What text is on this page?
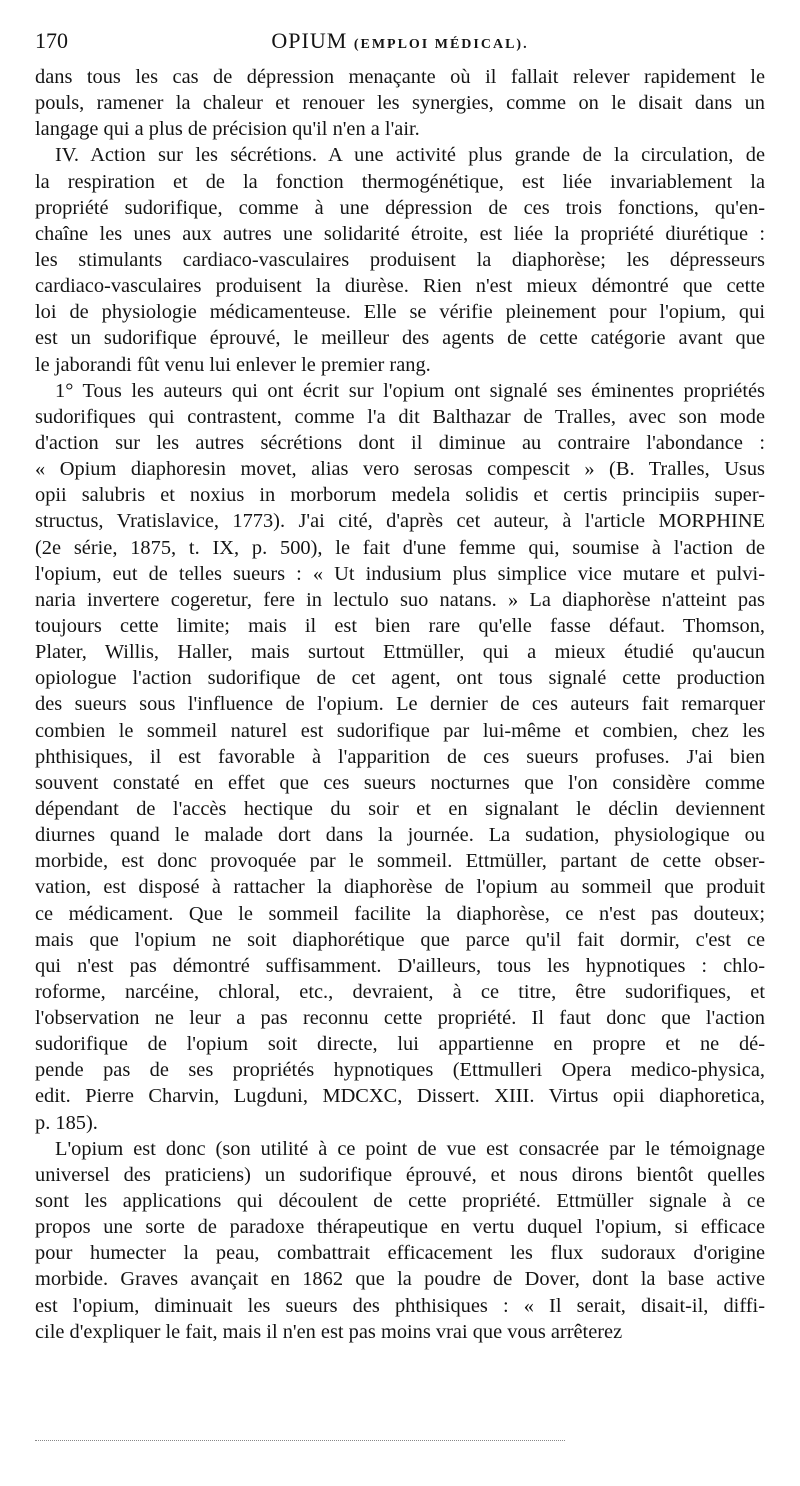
170	OPIUM (EMPLOI MÉDICAL).
dans tous les cas de dépression menaçante où il fallait relever rapidement le
pouls, ramener la chaleur et renouer les synergies, comme on le disait dans un
langage qui a plus de précision qu'il n'en a l'air.
IV. Action sur les sécrétions. A une activité plus grande de la circulation, de
la respiration et de la fonction thermogénétique, est liée invariablement la
propriété sudorifique, comme à une dépression de ces trois fonctions, qu'en-
chaîne les unes aux autres une solidarité étroite, est liée la propriété diurétique :
les stimulants cardiaco-vasculaires produisent la diaphorèse; les dépresseurs
cardiaco-vasculaires produisent la diurèse. Rien n'est mieux démontré que cette
loi de physiologie médicamenteuse. Elle se vérifie pleinement pour l'opium, qui
est un sudorifique éprouvé, le meilleur des agents de cette catégorie avant que
le jaborandi fût venu lui enlever le premier rang.
1° Tous les auteurs qui ont écrit sur l'opium ont signalé ses éminentes propriétés
sudorifiques qui contrastent, comme l'a dit Balthazar de Tralles, avec son mode
d'action sur les autres sécrétions dont il diminue au contraire l'abondance :
« Opium diaphoresin movet, alias vero serosas compescit » (B. Tralles, Usus
opii salubris et noxius in morborum medela solidis et certis principiis super-
structus, Vratislavice, 1773). J'ai cité, d'après cet auteur, à l'article MORPHINE
(2e série, 1875, t. IX, p. 500), le fait d'une femme qui, soumise à l'action de
l'opium, eut de telles sueurs : « Ut indusium plus simplice vice mutare et pulvi-
naria invertere cogeretur, fere in lectulo suo natans. » La diaphorèse n'atteint pas
toujours cette limite; mais il est bien rare qu'elle fasse défaut. Thomson,
Plater, Willis, Haller, mais surtout Ettmüller, qui a mieux étudié qu'aucun
opiologue l'action sudorifique de cet agent, ont tous signalé cette production
des sueurs sous l'influence de l'opium. Le dernier de ces auteurs fait remarquer
combien le sommeil naturel est sudorifique par lui-même et combien, chez les
phthisiques, il est favorable à l'apparition de ces sueurs profuses. J'ai bien
souvent constaté en effet que ces sueurs nocturnes que l'on considère comme
dépendant de l'accès hectique du soir et en signalant le déclin deviennent
diurnes quand le malade dort dans la journée. La sudation, physiologique ou
morbide, est donc provoquée par le sommeil. Ettmüller, partant de cette obser-
vation, est disposé à rattacher la diaphorèse de l'opium au sommeil que produit
ce médicament. Que le sommeil facilite la diaphorèse, ce n'est pas douteux;
mais que l'opium ne soit diaphorétique que parce qu'il fait dormir, c'est ce
qui n'est pas démontré suffisamment. D'ailleurs, tous les hypnotiques : chlo-
roforme, narcéine, chloral, etc., devraient, à ce titre, être sudorifiques, et
l'observation ne leur a pas reconnu cette propriété. Il faut donc que l'action
sudorifique de l'opium soit directe, lui appartienne en propre et ne dé-
pende pas de ses propriétés hypnotiques (Ettmulleri Opera medico-physica,
edit. Pierre Charvin, Lugduni, MDCXC, Dissert. XIII. Virtus opii diaphoretica,
p. 185).
L'opium est donc (son utilité à ce point de vue est consacrée par le témoignage
universel des praticiens) un sudorifique éprouvé, et nous dirons bientôt quelles
sont les applications qui découlent de cette propriété. Ettmüller signale à ce
propos une sorte de paradoxe thérapeutique en vertu duquel l'opium, si efficace
pour humecter la peau, combattrait efficacement les flux sudoraux d'origine
morbide. Graves avançait en 1862 que la poudre de Dover, dont la base active
est l'opium, diminuait les sueurs des phthisiques : « Il serait, disait-il, diffi-
cile d'expliquer le fait, mais il n'en est pas moins vrai que vous arrêterez
